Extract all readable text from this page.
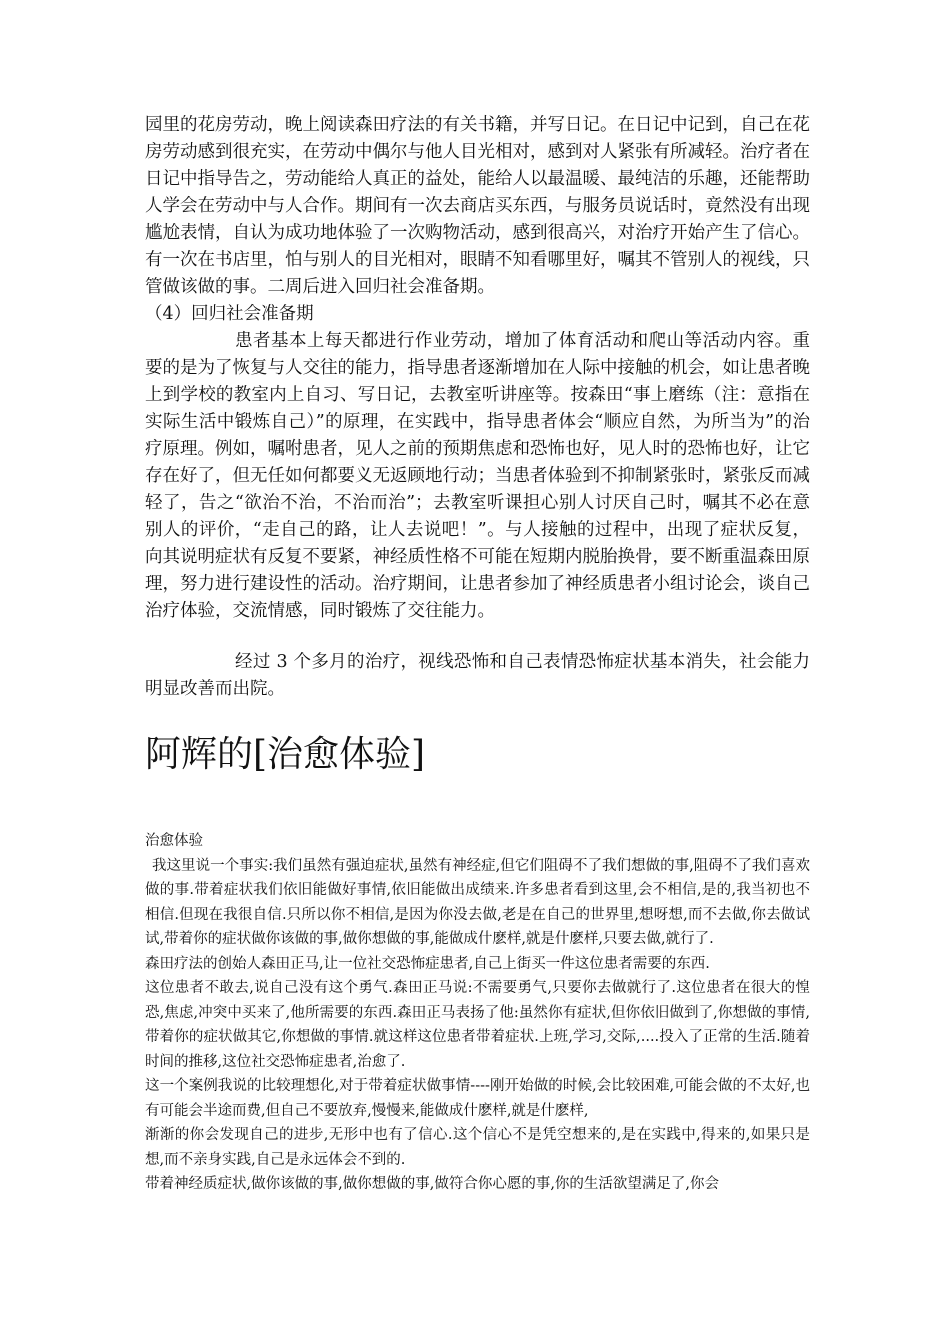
园里的花房劳动，晚上阅读森田疗法的有关书籍，并写日记。在日记中记到，自己在花房劳动感到很充实，在劳动中偶尔与他人目光相对，感到对人紧张有所减轻。治疗者在日记中指导告之，劳动能给人真正的益处，能给人以最温暖、最纯洁的乐趣，还能帮助人学会在劳动中与人合作。期间有一次去商店买东西，与服务员说话时，竟然没有出现尴尬表情，自认为成功地体验了一次购物活动，感到很高兴，对治疗开始产生了信心。有一次在书店里，怕与别人的目光相对，眼睛不知看哪里好，嘱其不管别人的视线，只管做该做的事。二周后进入回归社会准备期。

（4）回归社会准备期

患者基本上每天都进行作业劳动，增加了体育活动和爬山等活动内容。重要的是为了恢复与人交往的能力，指导患者逐渐增加在人际中接触的机会，如让患者晚上到学校的教室内上自习、写日记，去教室听讲座等。按森田“事上磨练（注：意指在实际生活中锻炼自己）”的原理，在实践中，指导患者体会“顺应自然，为所当为”的治疗原理。例如，嘱咐患者，见人之前的预期焦虑和恐怖也好，见人时的恐怖也好，让它存在好了，但无任如何都要义无返顾地行动；当患者体验到不抑制紧张时，紧张反而减轻了，告之“欲治不治，不治而治”；去教室听课担心别人讨厌自己时，嘱其不必在意别人的评价，“走自己的路，让人去说吧！”。与人接触的过程中，出现了症状反复，向其说明症状有反复不要紧，神经质性格不可能在短期内脱胎换骨，要不断重温森田原理，努力进行建设性的活动。治疗期间，让患者参加了神经质患者小组讨论会，谈自己治疗体验，交流情感，同时锻炼了交往能力。

经过 3 个多月的治疗，视线恐怖和自己表情恐怖症状基本消失，社会能力明显改善而出院。

阿辉的[治愈体验]

治愈体验

我这里说一个事实:我们虽然有强迫症状,虽然有神经症,但它们阻碍不了我们想做的事,阻碍不了我们喜欢做的事.带着症状我们依旧能做好事情,依旧能做出成绩来.许多患者看到这里,会不相信,是的,我当初也不相信.但现在我很自信.只所以你不相信,是因为你没去做,老是在自己的世界里,想呀想,而不去做,你去做试试,带着你的症状做你该做的事,做你想做的事,能做成什麽样,就是什麽样,只要去做,就行了.

森田疗法的创始人森田正马,让一位社交恐怖症患者,自己上街买一件这位患者需要的东西.

这位患者不敢去,说自己没有这个勇气.森田正马说:不需要勇气,只要你去做就行了.这位患者在很大的惶恐,焦虑,冲突中买来了,他所需要的东西.森田正马表扬了他:虽然你有症状,但你依旧做到了,你想做的事情,带着你的症状做其它,你想做的事情.就这样这位患者带着症状.上班,学习,交际,....投入了正常的生活.随着时间的推移,这位社交恐怖症患者,治愈了.

这一个案例我说的比较理想化,对于带着症状做事情----刚开始做的时候,会比较困难,可能会做的不太好,也有可能会半途而费,但自己不要放弃,慢慢来,能做成什麽样,就是什麽样,

渐渐的你会发现自己的进步,无形中也有了信心.这个信心不是凭空想来的,是在实践中,得来的,如果只是想,而不亲身实践,自己是永远体会不到的.

带着神经质症状,做你该做的事,做你想做的事,做符合你心愿的事,你的生活欲望满足了,你会
